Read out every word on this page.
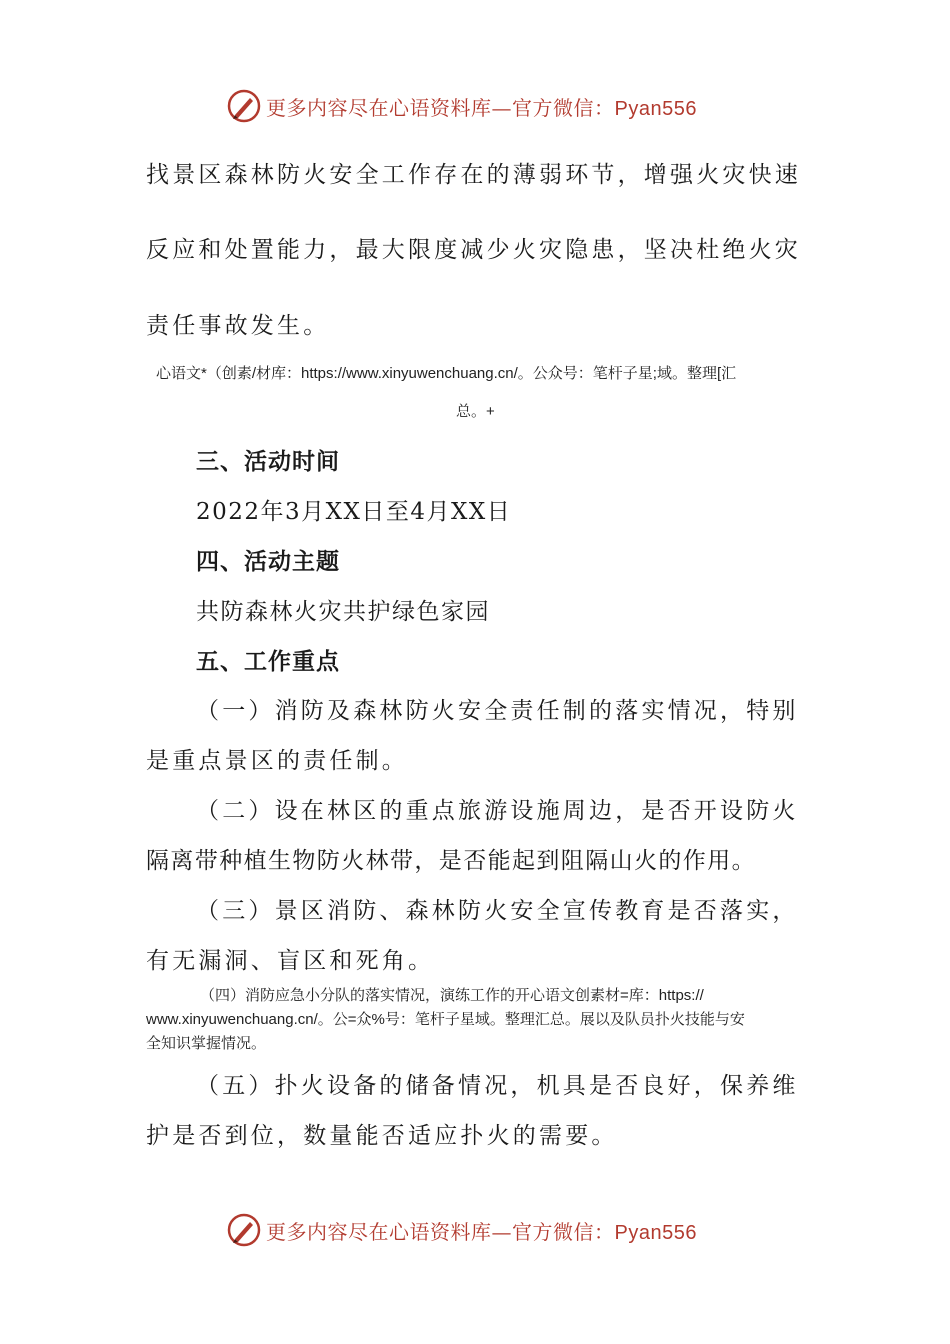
更多内容尽在心语资料库—官方微信：Pyan556
找景区森林防火安全工作存在的薄弱环节，增强火灾快速
反应和处置能力，最大限度减少火灾隐患，坚决杜绝火灾
责任事故发生。
心语文*（创素/材库：https://www.xinyuwenchuang.cn/。公众号：笔杆子星;域。整理[汇
总。+
三、活动时间
2022年3月XX日至4月XX日
四、活动主题
共防森林火灾共护绿色家园
五、工作重点
（一）消防及森林防火安全责任制的落实情况，特别
是重点景区的责任制。
（二）设在林区的重点旅游设施周边，是否开设防火
隔离带种植生物防火林带，是否能起到阻隔山火的作用。
（三）景区消防、森林防火安全宣传教育是否落实，
有无漏洞、盲区和死角。
（四）消防应急小分队的落实情况，演练工作的开心语文创素材=库：https://
www.xinyuwenchuang.cn/。公=众%号：笔杆子星域。整理汇总。展以及队员扑火技能与安
全知识掌握情况。
（五）扑火设备的储备情况，机具是否良好，保养维
护是否到位，数量能否适应扑火的需要。
更多内容尽在心语资料库—官方微信：Pyan556
